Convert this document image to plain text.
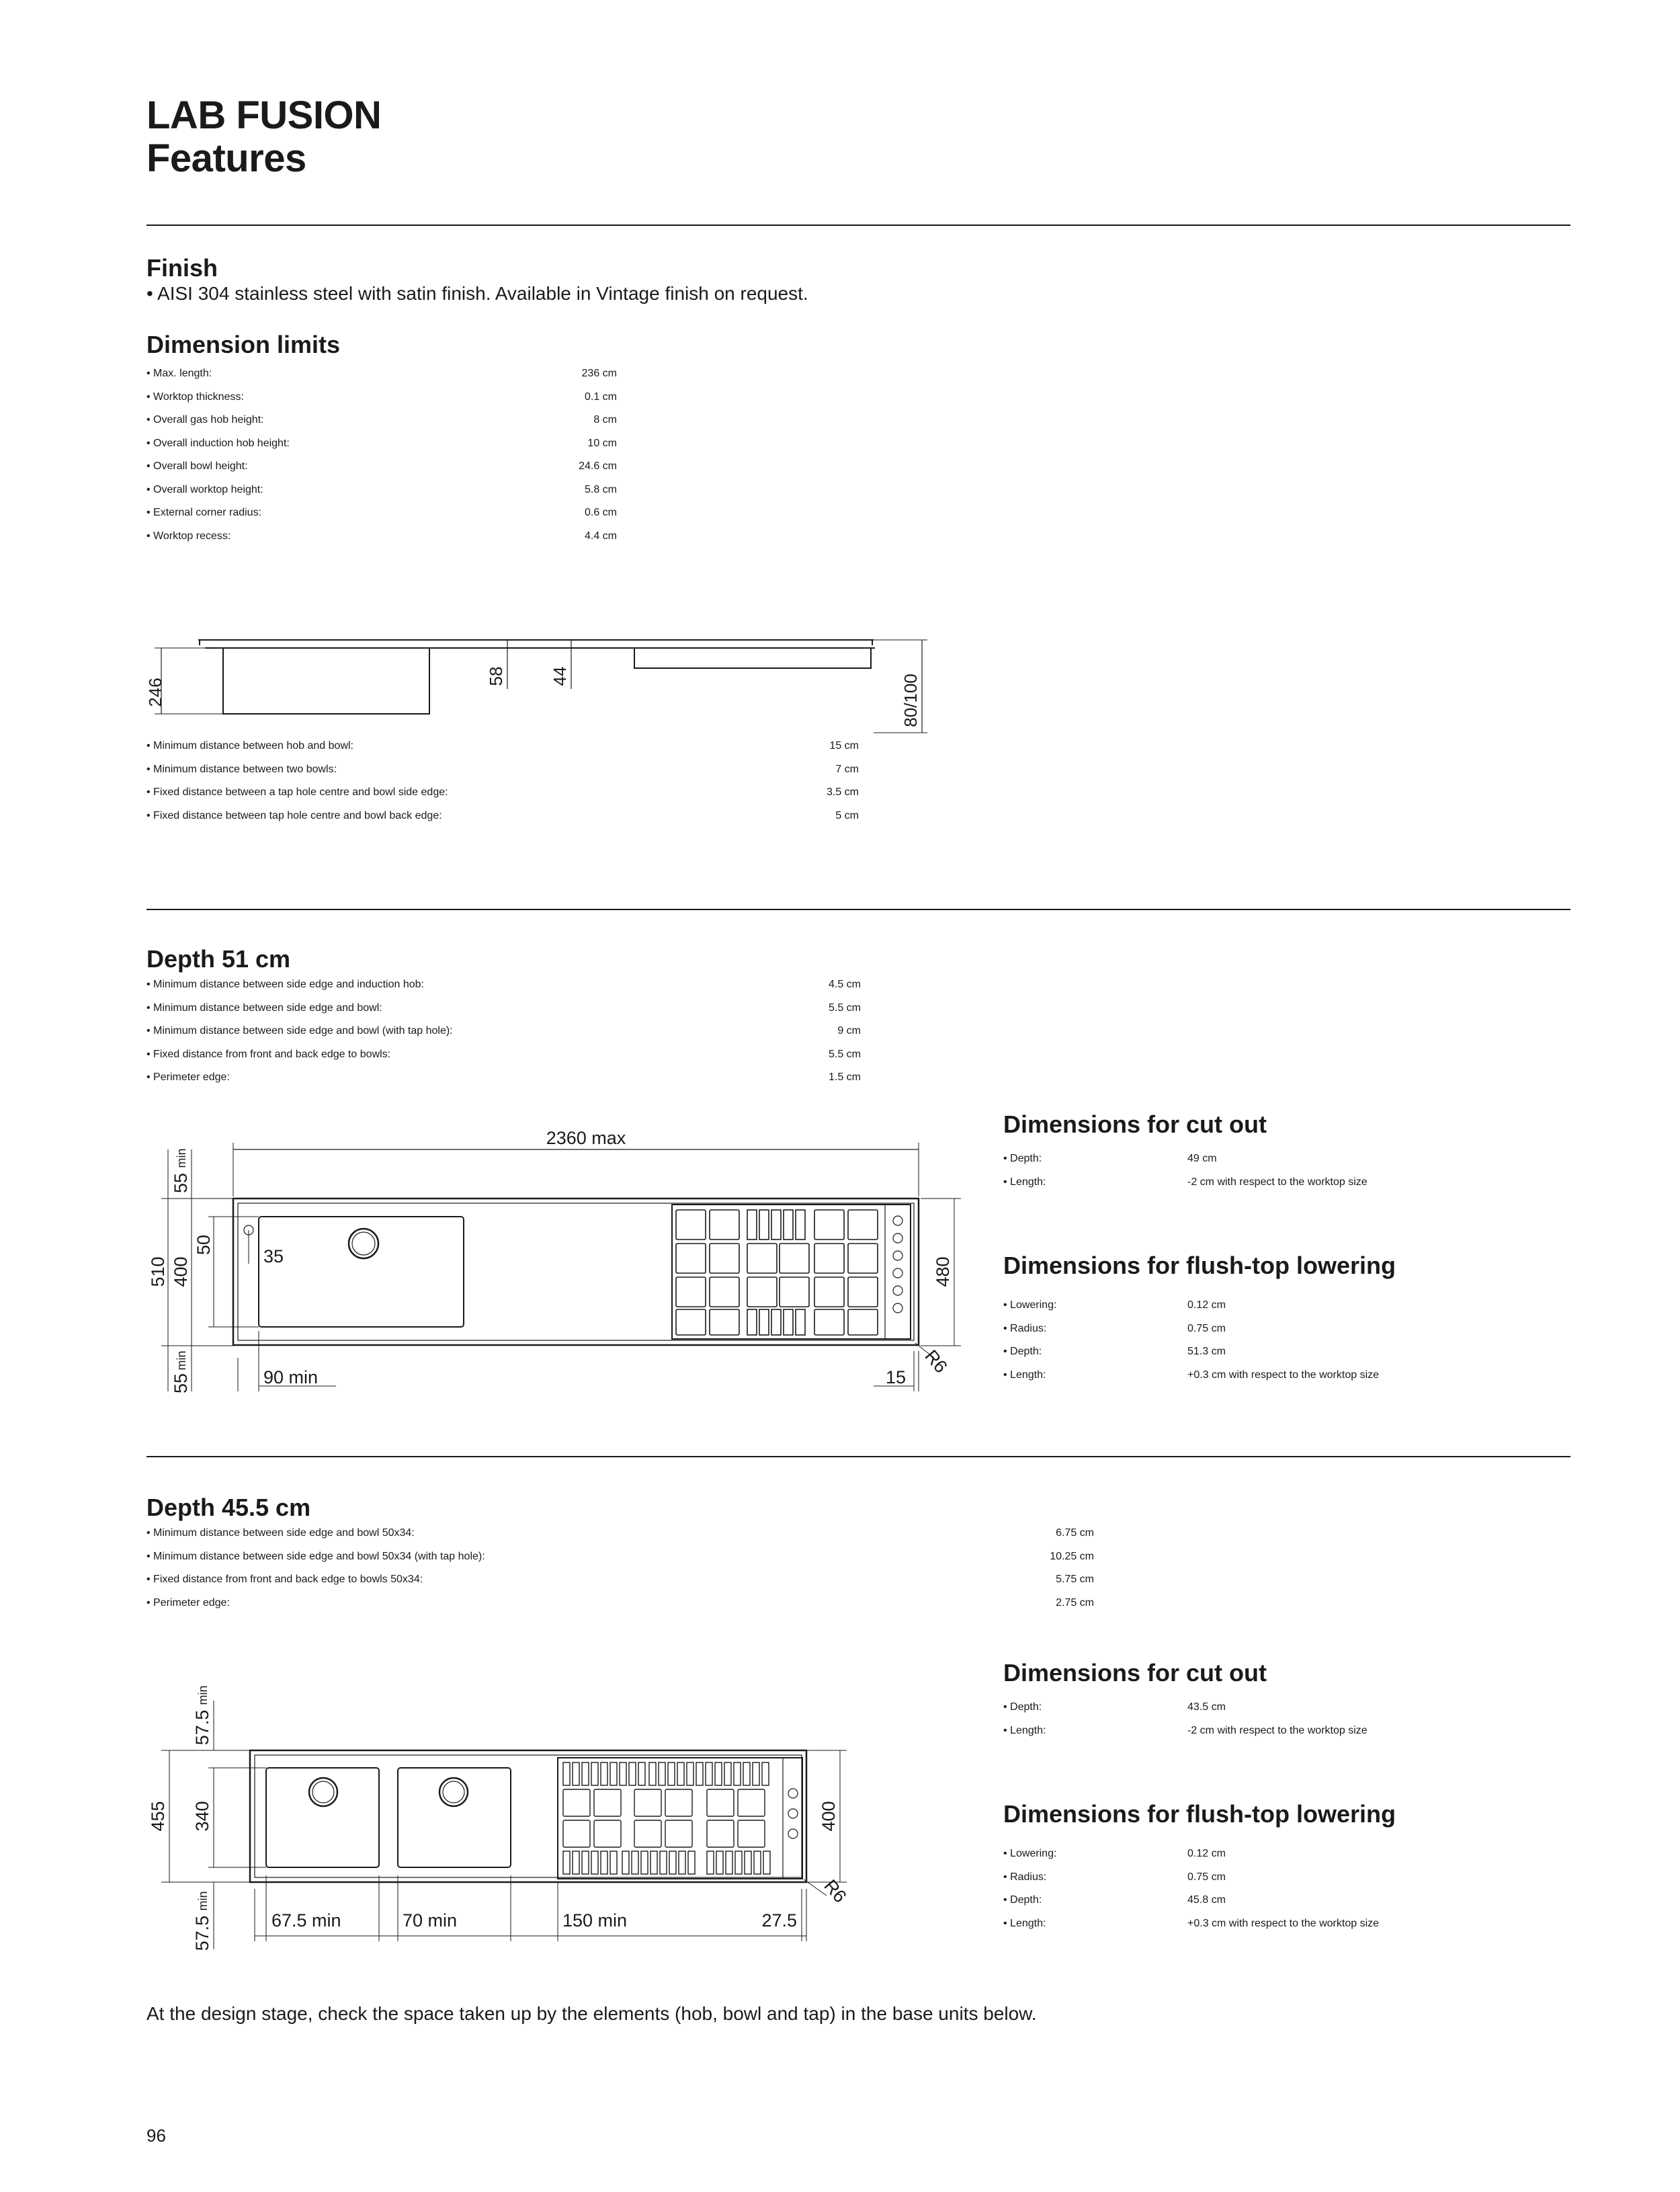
LAB FUSION
Features
Finish
• AISI 304 stainless steel with satin finish. Available in Vintage finish on request.
Dimension limits
• Max. length:	236 cm
• Worktop thickness:	0.1 cm
• Overall gas hob height:	8 cm
• Overall induction hob height:	10 cm
• Overall bowl height:	24.6 cm
• Overall worktop height:	5.8 cm
• External corner radius:	0.6 cm
• Worktop recess:	4.4 cm
246
58	44	80/100
• Minimum distance between hob and bowl:	15 cm
• Minimum distance between two bowls:	7 cm
• Fixed distance between a tap hole centre and bowl side edge:	3.5 cm
• Fixed distance between tap hole centre and bowl back edge:	5 cm
Depth 51 cm
• Minimum distance between side edge and induction hob:	4.5 cm
• Minimum distance between side edge and bowl:	5.5 cm
• Minimum distance between side edge and bowl (with tap hole):	9 cm
• Fixed distance from front and back edge to bowls:	5.5 cm
• Perimeter edge:	1.5 cm
2360 max
55
min
510 400
50
35
55
min
90 min	15
480
R6
Dimensions for cut out
• Depth:	49 cm
• Length:	-2 cm with respect to the worktop size
Dimensions for flush-top lowering
• Lowering:	0.12 cm
• Radius:	0.75 cm
• Depth:	51.3 cm
• Length:	+0.3 cm with respect to the worktop size
Depth 45.5 cm
• Minimum distance between side edge and bowl 50x34:	6.75 cm
• Minimum distance between side edge and bowl 50x34 (with tap hole):	10.25 cm
• Fixed distance from front and back edge to bowls 50x34:	5.75 cm
• Perimeter edge:	2.75 cm
57.5
min
455 340
57.5
min
67.5 min	70 min	150 min	27.5
400
R6
Dimensions for cut out
• Depth:	43.5 cm
• Length:	-2 cm with respect to the worktop size
Dimensions for flush-top lowering
• Lowering:	0.12 cm
• Radius:	0.75 cm
• Depth:	45.8 cm
• Length:	+0.3 cm with respect to the worktop size
At the design stage, check the space taken up by the elements (hob, bowl and tap) in the base units below.
96
